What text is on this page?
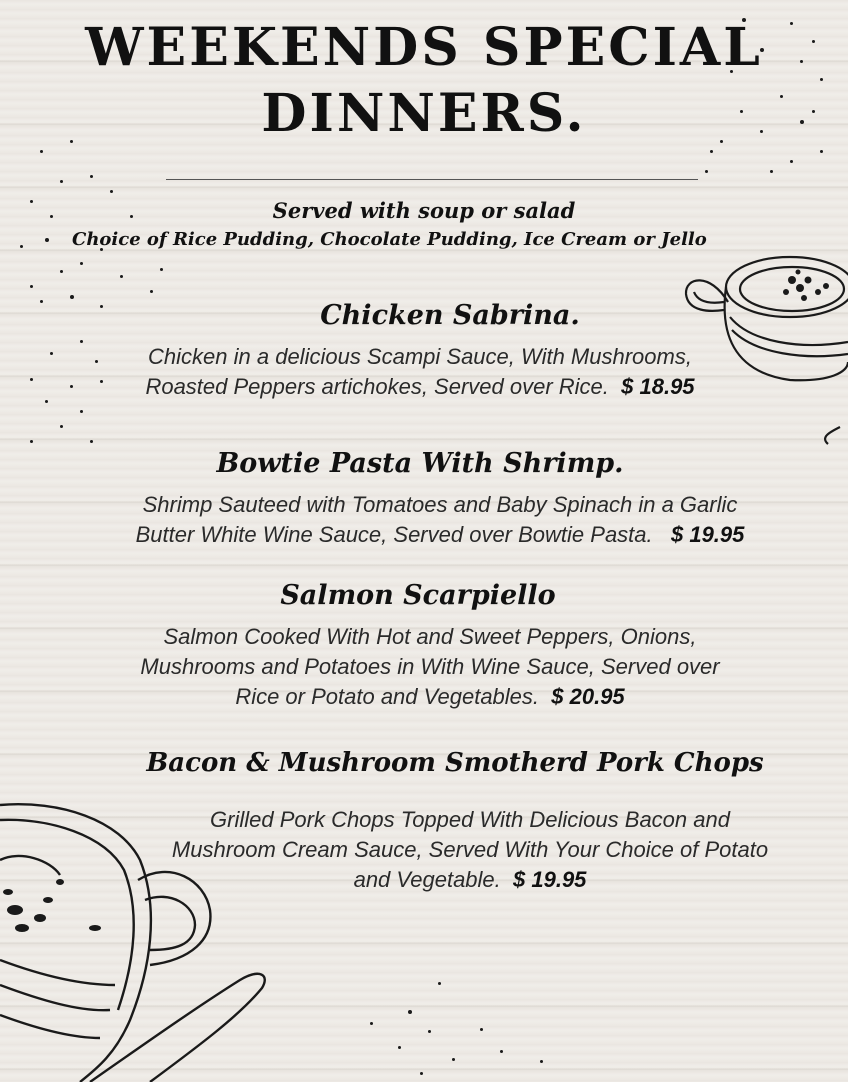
WEEKENDS SPECIAL
DINNERS.
Served with soup or salad
Choice of Rice Pudding, Chocolate Pudding, Ice Cream or Jello
Chicken Sabrina.
Chicken in a delicious Scampi Sauce, With Mushrooms,
Roasted Peppers artichokes, Served over Rice. $ 18.95
Bowtie Pasta With Shrimp.
Shrimp Sauteed with Tomatoes and Baby Spinach in a Garlic
Butter White Wine Sauce, Served over Bowtie Pasta. $ 19.95
Salmon Scarpiello
Salmon Cooked With Hot and Sweet Peppers, Onions,
Mushrooms and Potatoes in With Wine Sauce, Served over
Rice or Potato and Vegetables. $ 20.95
Bacon & Mushroom Smotherd Pork Chops
Grilled Pork Chops Topped With Delicious Bacon and
Mushroom Cream Sauce, Served With Your Choice of Potato
and Vegetable. $ 19.95
